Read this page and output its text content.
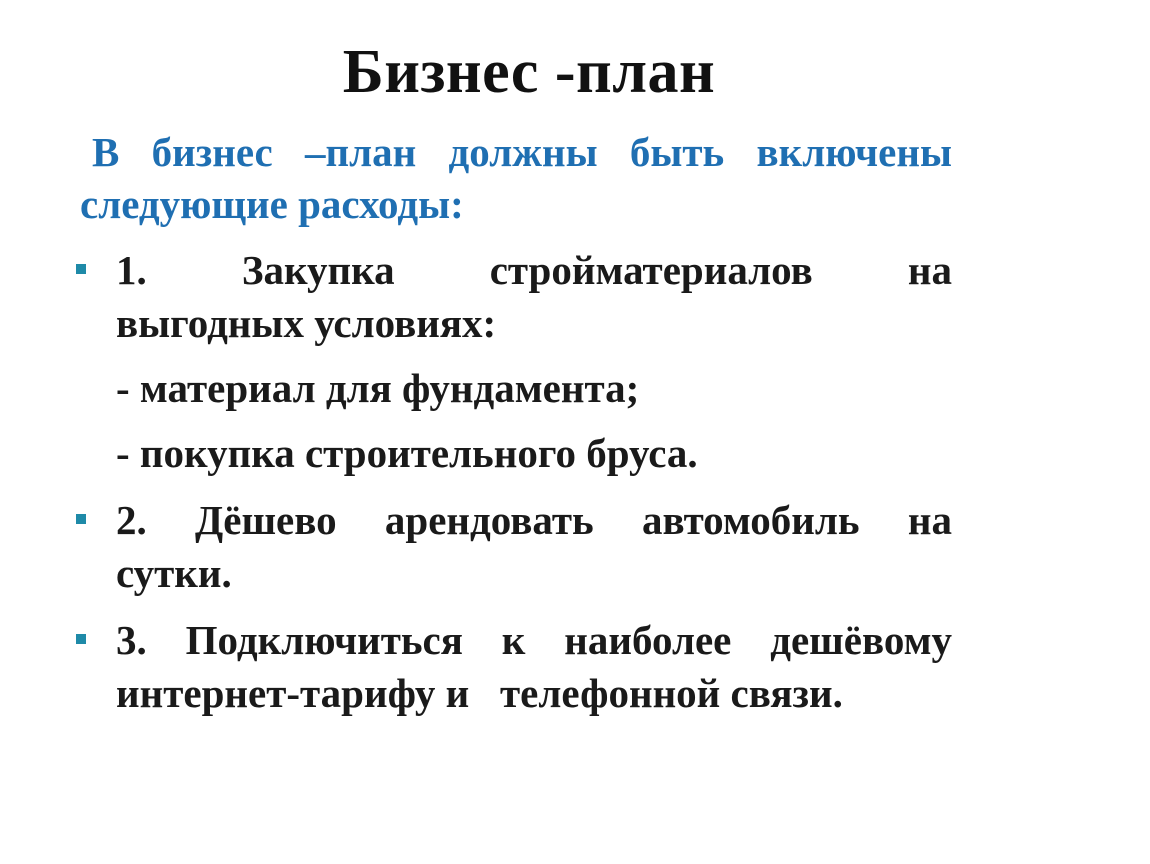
Бизнес -план
В бизнес –план должны быть включены
следующие расходы:
1. Закупка стройматериалов на
выгодных условиях:
- материал для фундамента;
- покупка строительного бруса.
2. Дёшево арендовать автомобиль на
сутки.
3. Подключиться к наиболее дешёвому
интернет-тарифу и   телефонной связи.
